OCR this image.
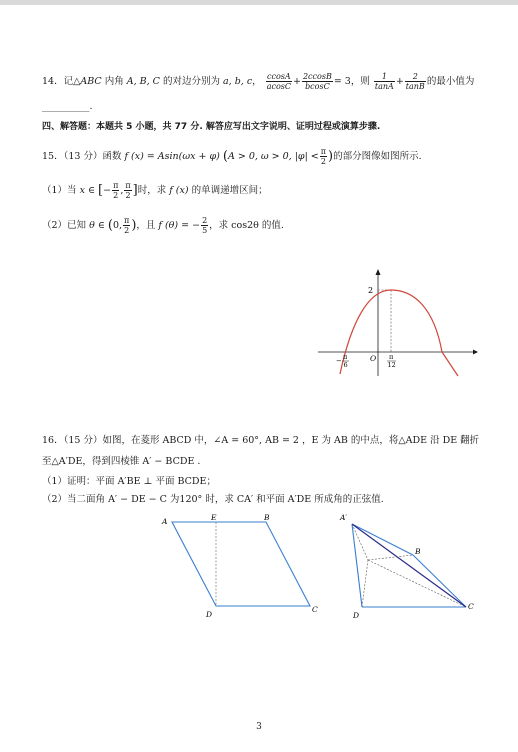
14．记△ABC 内角 A, B, C 的对边分别为 a, b, c， $\frac{ccosA}{acosC} + \frac{2ccosB}{bcosC} = 3$，则 $\frac{1}{\tan A} + \frac{2}{\tan B}$ 的最小值为
__________.
四、解答题：本题共 5 小题，共 77 分. 解答应写出文字说明、证明过程或演算步骤.
15．（13 分）函数 f (x) = Asin(ωx + φ) (A > 0, ω > 0, $|\varphi| < \frac{\pi}{2}$ )的部分图像如图所示.
（1）当 x ∈ [− $\frac{\pi}{2}$ , $\frac{\pi}{2}$ ]时，求 f (x) 的单调递增区间；
（2）已知 θ ∈ (0, $\frac{\pi}{2}$ )，且 f (θ) = − $\frac{2}{5}$ ，求 cos2θ 的值.
2
O
− π
6
π
12
16．（15 分）如图，在菱形 ABCD 中，∠A = 60°, AB = 2 ，E 为 AB 的中点，将△ADE 沿 DE 翻折
至△A′DE，得到四棱锥 A′ − BCDE .
（1）证明：平面 A′BE ⊥ 平面 BCDE；
（2）当二面角 A′ − DE − C 为120° 时，求 CA′ 和平面 A′DE 所成角的正弦值.
A	E	B
D
C
A′
B
D
C
3
